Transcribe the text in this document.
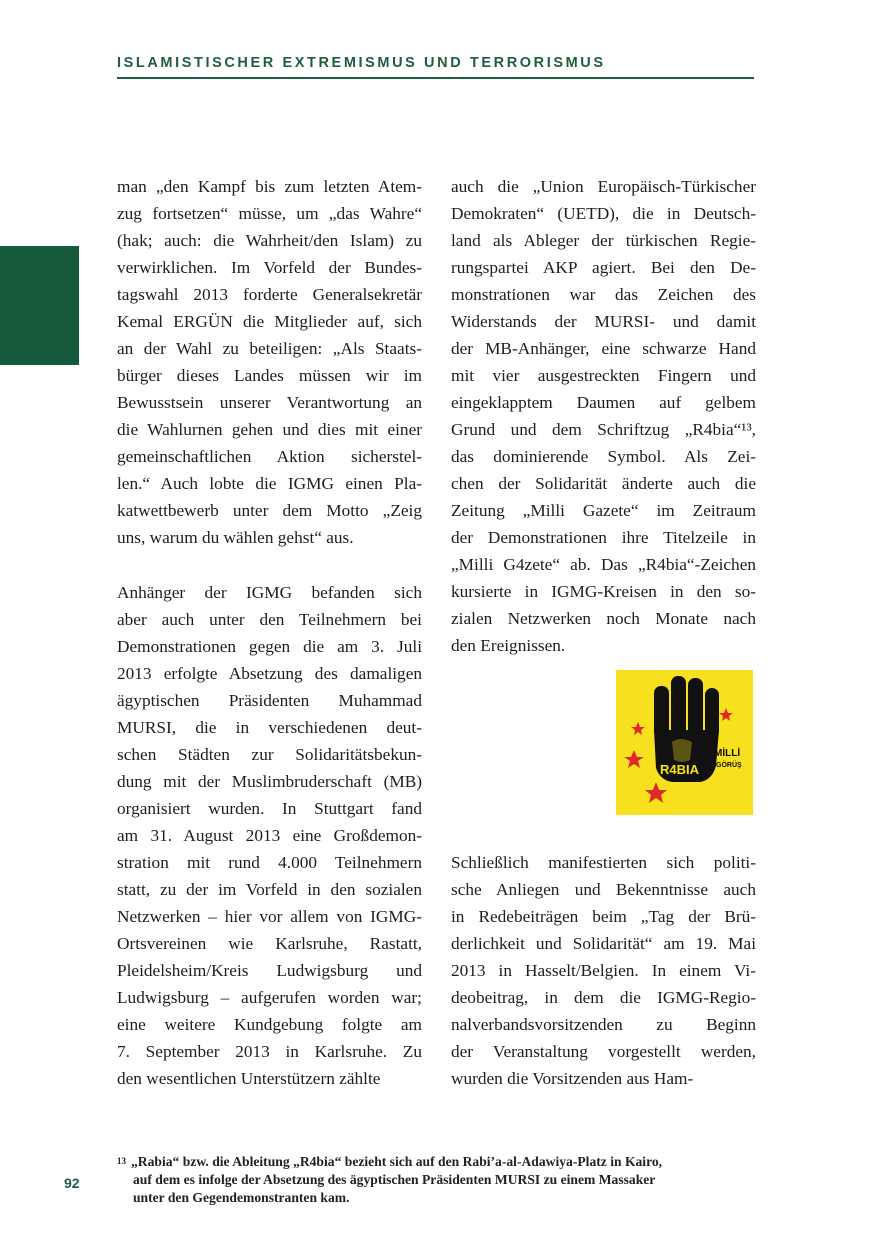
ISLAMISTISCHER EXTREMISMUS UND TERRORISMUS
man „den Kampf bis zum letzten Atem-
zug fortsetzen“ müsse, um „das Wahre“
(hak; auch: die Wahrheit/den Islam) zu
verwirklichen. Im Vorfeld der Bundes-
tagswahl 2013 forderte Generalsekretär
Kemal ERGÜN die Mitglieder auf, sich
an der Wahl zu beteiligen: „Als Staats-
bürger dieses Landes müssen wir im
Bewusstsein unserer Verantwortung an
die Wahlurnen gehen und dies mit einer
gemeinschaftlichen Aktion sicherstel-
len.“ Auch lobte die IGMG einen Pla-
katwettbewerb unter dem Motto „Zeig
uns, warum du wählen gehst“ aus.
Anhänger der IGMG befanden sich
aber auch unter den Teilnehmern bei
Demonstrationen gegen die am 3. Juli
2013 erfolgte Absetzung des damaligen
ägyptischen Präsidenten Muhammad
MURSI, die in verschiedenen deut-
schen Städten zur Solidaritätsbekun-
dung mit der Muslimbruderschaft (MB)
organisiert wurden. In Stuttgart fand
am 31. August 2013 eine Großdemon-
stration mit rund 4.000 Teilnehmern
statt, zu der im Vorfeld in den sozialen
Netzwerken – hier vor allem von IGMG-
Ortsvereinen wie Karlsruhe, Rastatt,
Pleidelsheim/Kreis Ludwigsburg und
Ludwigsburg – aufgerufen worden war;
eine weitere Kundgebung folgte am
7. September 2013 in Karlsruhe. Zu
den wesentlichen Unterstützern zählte
auch die „Union Europäisch-Türkischer
Demokraten“ (UETD), die in Deutsch-
land als Ableger der türkischen Regie-
rungspartei AKP agiert. Bei den De-
monstrationen war das Zeichen des
Widerstands der MURSI- und damit
der MB-Anhänger, eine schwarze Hand
mit vier ausgestreckten Fingern und
eingeklapptem Daumen auf gelbem
Grund und dem Schriftzug „R4bia“¹³,
das dominierende Symbol. Als Zei-
chen der Solidarität änderte auch die
Zeitung „Milli Gazete“ im Zeitraum
der Demonstrationen ihre Titelzeile in
„Milli G4zete“ ab. Das „R4bia“-Zeichen
kursierte in IGMG-Kreisen in den so-
zialen Netzwerken noch Monate nach
den Ereignissen.
Schließlich manifestierten sich politi-
sche Anliegen und Bekenntnisse auch
in Redebeiträgen beim „Tag der Brü-
derlichkeit und Solidarität“ am 19. Mai
2013 in Hasselt/Belgien. In einem Vi-
deobeitrag, in dem die IGMG-Regio-
nalverbandsvorsitzenden zu Beginn
der Veranstaltung vorgestellt werden,
wurden die Vorsitzenden aus Ham-
R4BIA
MİLLİ
GÖRÜŞ
$^{13}$ „Rabia“ bzw. die Ableitung „R4bia“ bezieht sich auf den Rabi’a-al-Adawiya-Platz in Kairo,
auf dem es infolge der Absetzung des ägyptischen Präsidenten MURSI zu einem Massaker
unter den Gegendemonstranten kam.
92
